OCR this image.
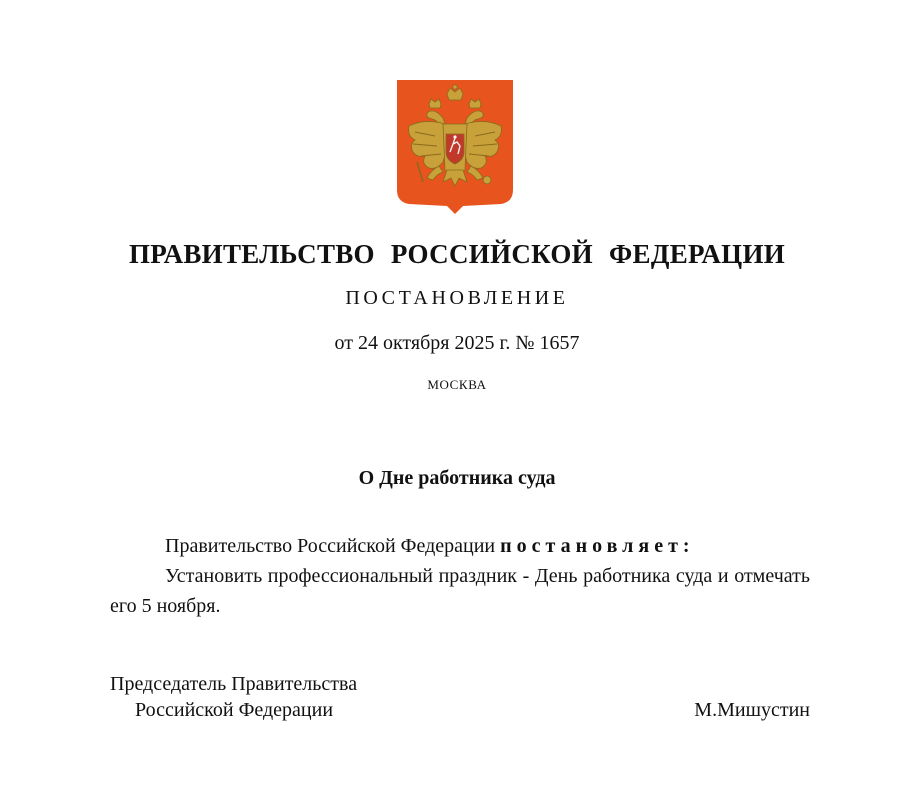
ПРАВИТЕЛЬСТВО РОССИЙСКОЙ ФЕДЕРАЦИИ
ПОСТАНОВЛЕНИЕ
от 24 октября 2025 г. № 1657
МОСКВА
О Дне работника суда

Правительство Российской Федерации постановляет:

Установить профессиональный праздник - День работника суда и отмечать его 5 ноября.

Председатель Правительства
Российской Федерации	М.Мишустин
